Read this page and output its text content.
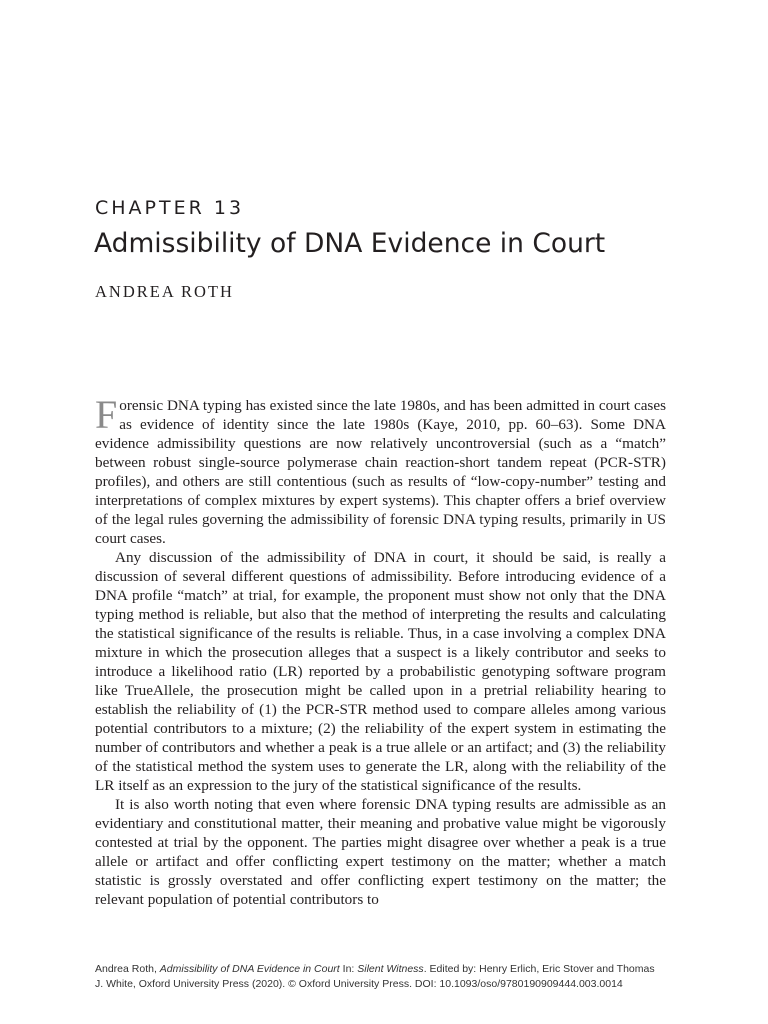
CHAPTER 13
Admissibility of DNA Evidence in Court
ANDREA ROTH

Forensic DNA typing has existed since the late 1980s, and has been admitted in court cases as evidence of identity since the late 1980s (Kaye, 2010, pp. 60–63). Some DNA evidence admissibility questions are now relatively uncontroversial (such as a “match” between robust single-source polymerase chain reaction-short tandem repeat (PCR-STR) profiles), and others are still contentious (such as results of “low-copy-number” testing and interpretations of complex mixtures by expert systems). This chapter offers a brief overview of the legal rules governing the admissibility of forensic DNA typing results, primarily in US court cases.

Any discussion of the admissibility of DNA in court, it should be said, is really a discussion of several different questions of admissibility. Before introducing evidence of a DNA profile “match” at trial, for example, the proponent must show not only that the DNA typing method is reliable, but also that the method of interpreting the results and calculating the statistical significance of the results is reliable. Thus, in a case involving a complex DNA mixture in which the prosecution alleges that a suspect is a likely contributor and seeks to introduce a likelihood ratio (LR) reported by a probabilistic genotyping software program like TrueAllele, the prosecution might be called upon in a pretrial reliability hearing to establish the reliability of (1) the PCR-STR method used to compare alleles among various potential contributors to a mixture; (2) the reliability of the expert system in estimating the number of contributors and whether a peak is a true allele or an artifact; and (3) the reliability of the statistical method the system uses to generate the LR, along with the reliability of the LR itself as an expression to the jury of the statistical significance of the results.

It is also worth noting that even where forensic DNA typing results are admissible as an evidentiary and constitutional matter, their meaning and probative value might be vigorously contested at trial by the opponent. The parties might disagree over whether a peak is a true allele or artifact and offer conflicting expert testimony on the matter; whether a match statistic is grossly overstated and offer conflicting expert testimony on the matter; the relevant population of potential contributors to

Andrea Roth, Admissibility of DNA Evidence in Court In: Silent Witness. Edited by: Henry Erlich, Eric Stover and Thomas J. White, Oxford University Press (2020). © Oxford University Press. DOI: 10.1093/oso/9780190909444.003.0014
